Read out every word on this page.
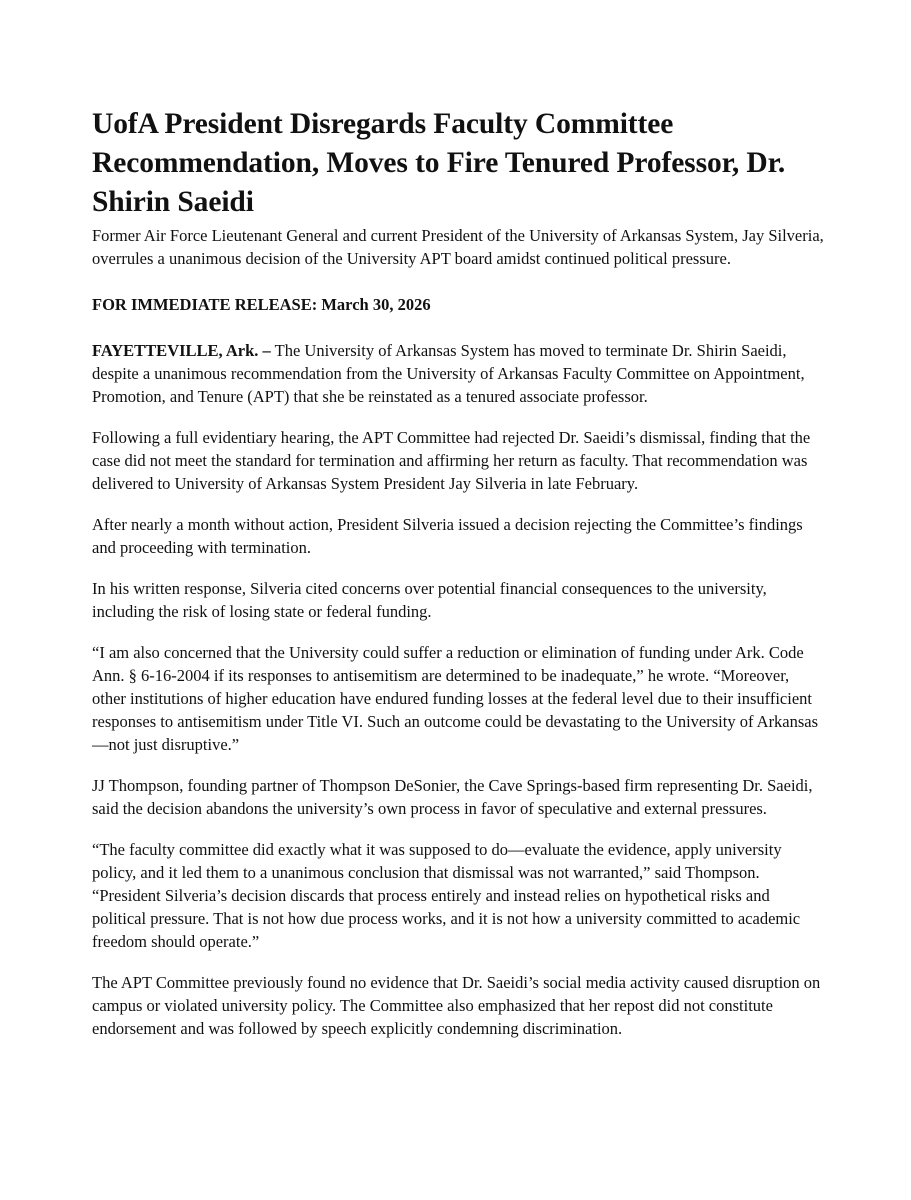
UofA President Disregards Faculty Committee Recommendation, Moves to Fire Tenured Professor, Dr. Shirin Saeidi

Former Air Force Lieutenant General and current President of the University of Arkansas System, Jay Silveria, overrules a unanimous decision of the University APT board amidst continued political pressure.

FOR IMMEDIATE RELEASE: March 30, 2026

FAYETTEVILLE, Ark. – The University of Arkansas System has moved to terminate Dr. Shirin Saeidi, despite a unanimous recommendation from the University of Arkansas Faculty Committee on Appointment, Promotion, and Tenure (APT) that she be reinstated as a tenured associate professor.

Following a full evidentiary hearing, the APT Committee had rejected Dr. Saeidi’s dismissal, finding that the case did not meet the standard for termination and affirming her return as faculty. That recommendation was delivered to University of Arkansas System President Jay Silveria in late February.

After nearly a month without action, President Silveria issued a decision rejecting the Committee’s findings and proceeding with termination.

In his written response, Silveria cited concerns over potential financial consequences to the university, including the risk of losing state or federal funding.

“I am also concerned that the University could suffer a reduction or elimination of funding under Ark. Code Ann. § 6-16-2004 if its responses to antisemitism are determined to be inadequate,” he wrote. “Moreover, other institutions of higher education have endured funding losses at the federal level due to their insufficient responses to antisemitism under Title VI. Such an outcome could be devastating to the University of Arkansas—not just disruptive.”

JJ Thompson, founding partner of Thompson DeSonier, the Cave Springs-based firm representing Dr. Saeidi, said the decision abandons the university’s own process in favor of speculative and external pressures.

“The faculty committee did exactly what it was supposed to do—evaluate the evidence, apply university policy, and it led them to a unanimous conclusion that dismissal was not warranted,” said Thompson. “President Silveria’s decision discards that process entirely and instead relies on hypothetical risks and political pressure. That is not how due process works, and it is not how a university committed to academic freedom should operate.”

The APT Committee previously found no evidence that Dr. Saeidi’s social media activity caused disruption on campus or violated university policy. The Committee also emphasized that her repost did not constitute endorsement and was followed by speech explicitly condemning discrimination.
